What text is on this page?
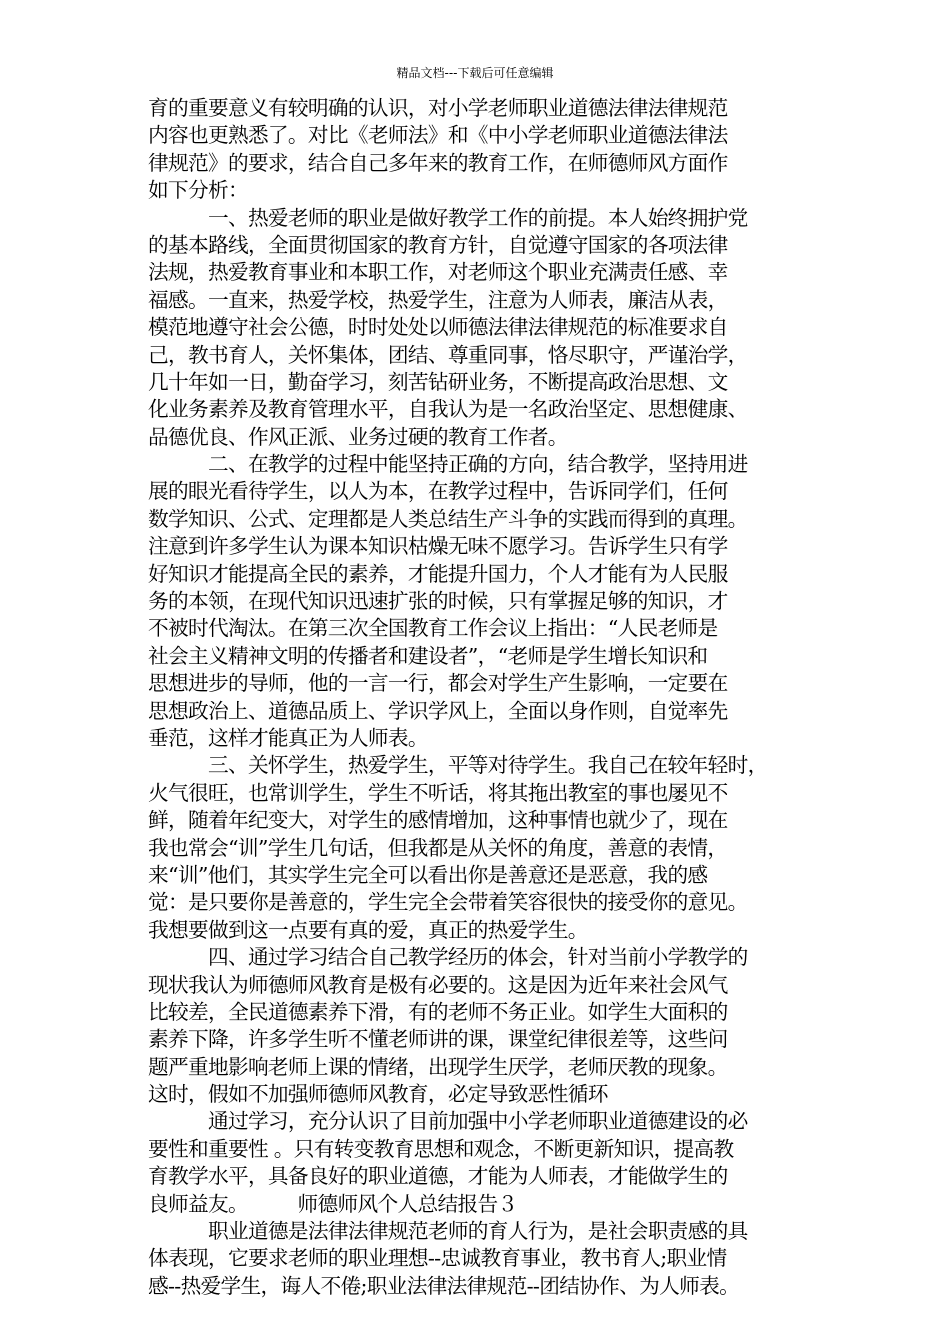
精品文档---下载后可任意编辑
育的重要意义有较明确的认识，对小学老师职业道德法律法律规范
内容也更熟悉了。对比《老师法》和《中小学老师职业道德法律法
律规范》的要求，结合自己多年来的教育工作，在师德师风方面作
如下分析：
　　　一、热爱老师的职业是做好教学工作的前提。本人始终拥护党
的基本路线，全面贯彻国家的教育方针，自觉遵守国家的各项法律
法规，热爱教育事业和本职工作，对老师这个职业充满责任感、幸
福感。一直来，热爱学校，热爱学生，注意为人师表，廉洁从表，
模范地遵守社会公德，时时处处以师德法律法律规范的标准要求自
己，教书育人，关怀集体，团结、尊重同事，恪尽职守，严谨治学，
几十年如一日，勤奋学习，刻苦钻研业务，不断提高政治思想、文
化业务素养及教育管理水平，自我认为是一名政治坚定、思想健康、
品德优良、作风正派、业务过硬的教育工作者。
　　　二、在教学的过程中能坚持正确的方向，结合教学，坚持用进
展的眼光看待学生，以人为本，在教学过程中，告诉同学们，任何
数学知识、公式、定理都是人类总结生产斗争的实践而得到的真理。
注意到许多学生认为课本知识枯燥无味不愿学习。告诉学生只有学
好知识才能提高全民的素养，才能提升国力，个人才能有为人民服
务的本领，在现代知识迅速扩张的时候，只有掌握足够的知识，才
不被时代淘汰。在第三次全国教育工作会议上指出：“人民老师是
社会主义精神文明的传播者和建设者”，“老师是学生增长知识和
思想进步的导师，他的一言一行，都会对学生产生影响，一定要在
思想政治上、道德品质上、学识学风上，全面以身作则，自觉率先
垂范，这样才能真正为人师表。
　　　三、关怀学生，热爱学生，平等对待学生。我自己在较年轻时，
火气很旺，也常训学生，学生不听话，将其拖出教室的事也屡见不
鲜，随着年纪变大，对学生的感情增加，这种事情也就少了，现在
我也常会“训”学生几句话，但我都是从关怀的角度，善意的表情，
来“训”他们，其实学生完全可以看出你是善意还是恶意，我的感
觉：是只要你是善意的，学生完全会带着笑容很快的接受你的意见。
我想要做到这一点要有真的爱，真正的热爱学生。
　　　四、通过学习结合自己教学经历的体会，针对当前小学教学的
现状我认为师德师风教育是极有必要的。这是因为近年来社会风气
比较差，全民道德素养下滑，有的老师不务正业。如学生大面积的
素养下降，许多学生听不懂老师讲的课，课堂纪律很差等，这些问
题严重地影响老师上课的情绪，出现学生厌学，老师厌教的现象。
这时，假如不加强师德师风教育，必定导致恶性循环
　　　通过学习，充分认识了目前加强中小学老师职业道德建设的必
要性和重要性 。只有转变教育思想和观念，不断更新知识，提高教
育教学水平，具备良好的职业道德，才能为人师表，才能做学生的
良师益友。　　　师德师风个人总结报告３
　　　职业道德是法律法律规范老师的育人行为，是社会职责感的具
体表现，它要求老师的职业理想--忠诚教育事业，教书育人;职业情
感--热爱学生，诲人不倦;职业法律法律规范--团结协作、为人师表。
